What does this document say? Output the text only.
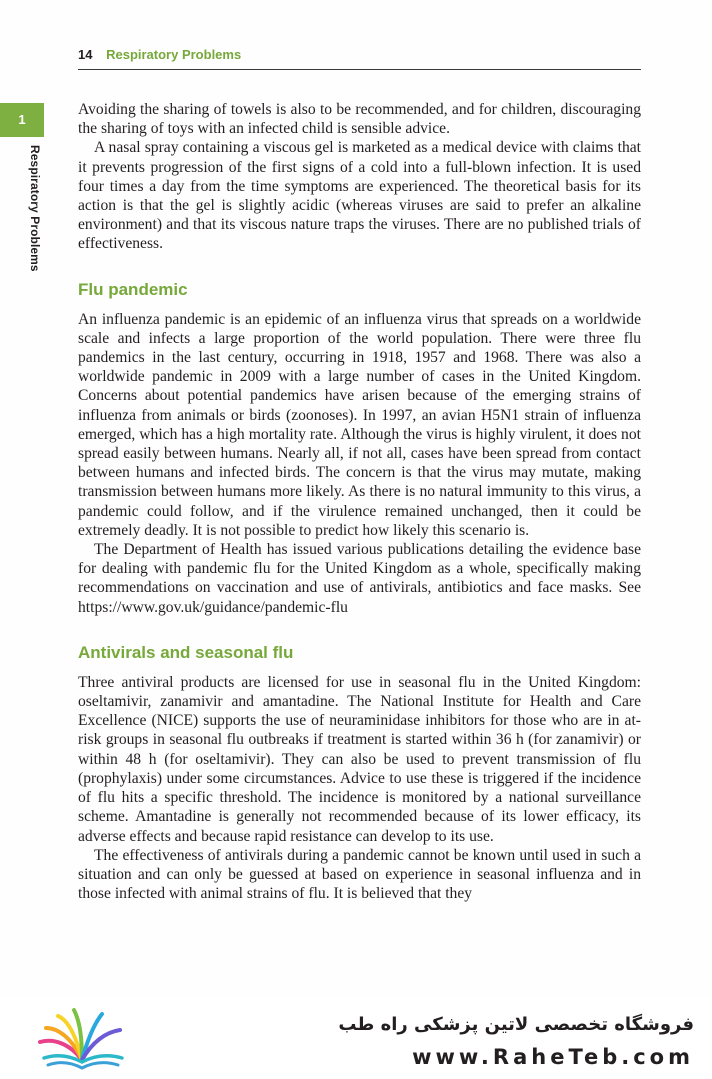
14 Respiratory Problems
1
Respiratory Problems

Avoiding the sharing of towels is also to be recommended, and for children, discouraging the sharing of toys with an infected child is sensible advice.

A nasal spray containing a viscous gel is marketed as a medical device with claims that it prevents progression of the first signs of a cold into a full-blown infection. It is used four times a day from the time symptoms are experienced. The theoretical basis for its action is that the gel is slightly acidic (whereas viruses are said to prefer an alkaline environment) and that its viscous nature traps the viruses. There are no published trials of effectiveness.

Flu pandemic

An influenza pandemic is an epidemic of an influenza virus that spreads on a worldwide scale and infects a large proportion of the world population. There were three flu pandemics in the last century, occurring in 1918, 1957 and 1968. There was also a worldwide pandemic in 2009 with a large number of cases in the United Kingdom. Concerns about potential pandemics have arisen because of the emerging strains of influenza from animals or birds (zoonoses). In 1997, an avian H5N1 strain of influenza emerged, which has a high mortality rate. Although the virus is highly virulent, it does not spread easily between humans. Nearly all, if not all, cases have been spread from contact between humans and infected birds. The concern is that the virus may mutate, making transmission between humans more likely. As there is no natural immunity to this virus, a pandemic could follow, and if the virulence remained unchanged, then it could be extremely deadly. It is not possible to predict how likely this scenario is.

The Department of Health has issued various publications detailing the evidence base for dealing with pandemic flu for the United Kingdom as a whole, specifically making recommendations on vaccination and use of antivirals, antibiotics and face masks. See https://www.gov.uk/guidance/pandemic-flu

Antivirals and seasonal flu

Three antiviral products are licensed for use in seasonal flu in the United Kingdom: oseltamivir, zanamivir and amantadine. The National Institute for Health and Care Excellence (NICE) supports the use of neuraminidase inhibitors for those who are in at-risk groups in seasonal flu outbreaks if treatment is started within 36 h (for zanamivir) or within 48 h (for oseltamivir). They can also be used to prevent transmission of flu (prophylaxis) under some circumstances. Advice to use these is triggered if the incidence of flu hits a specific threshold. The incidence is monitored by a national surveillance scheme. Amantadine is generally not recommended because of its lower efficacy, its adverse effects and because rapid resistance can develop to its use.

The effectiveness of antivirals during a pandemic cannot be known until used in such a situation and can only be guessed at based on experience in seasonal influenza and in those infected with animal strains of flu. It is believed that they

فروشگاه تخصصی لاتین پزشکی راه طب
www.RaheTeb.com
